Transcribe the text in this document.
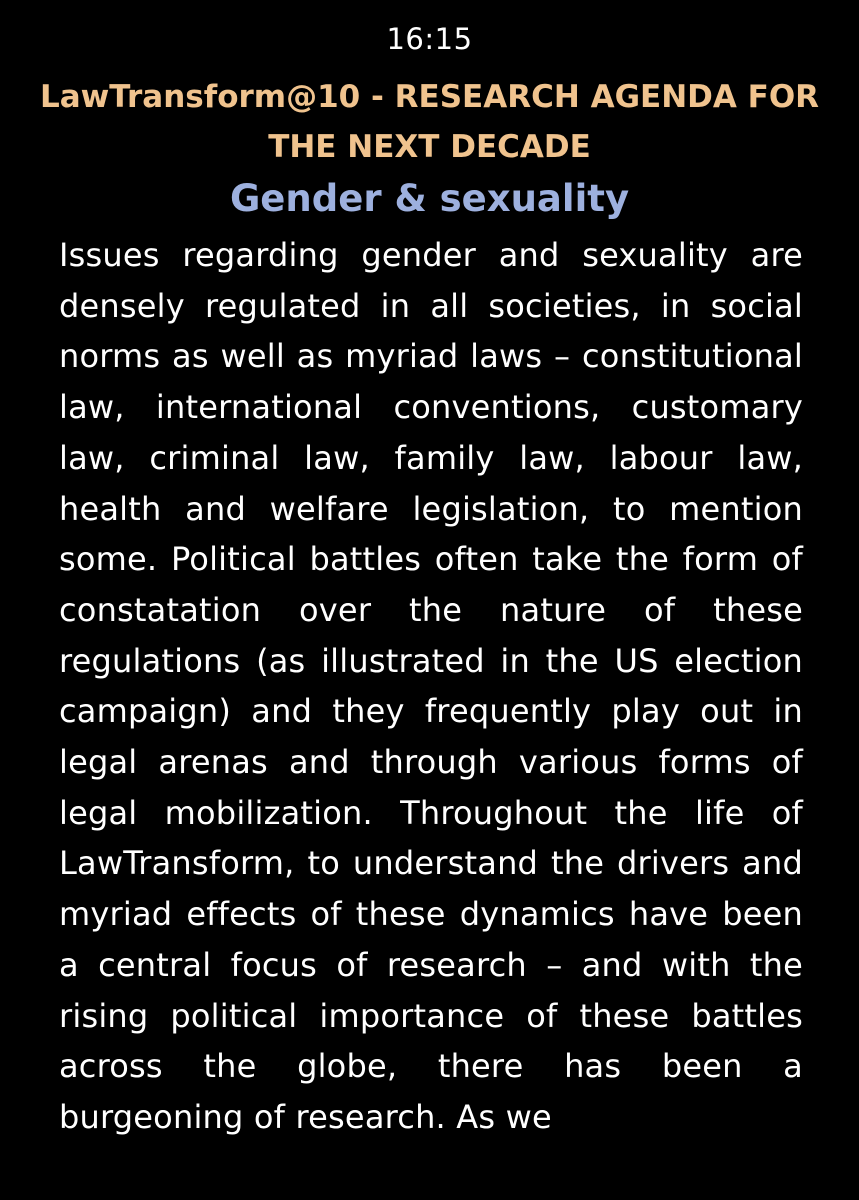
16:15
LawTransform@10 - RESEARCH AGENDA FOR THE NEXT DECADE
Gender & sexuality

Issues regarding gender and sexuality are densely regulated in all societies, in social norms as well as myriad laws – constitutional law, international conventions, customary law, criminal law, family law, labour law, health and welfare legislation, to mention some. Political battles often take the form of constatation over the nature of these regulations (as illustrated in the US election campaign) and they frequently play out in legal arenas and through various forms of legal mobilization. Throughout the life of LawTransform, to understand the drivers and myriad effects of these dynamics have been a central focus of research – and with the rising political importance of these battles across the globe, there has been a burgeoning of research. As we
